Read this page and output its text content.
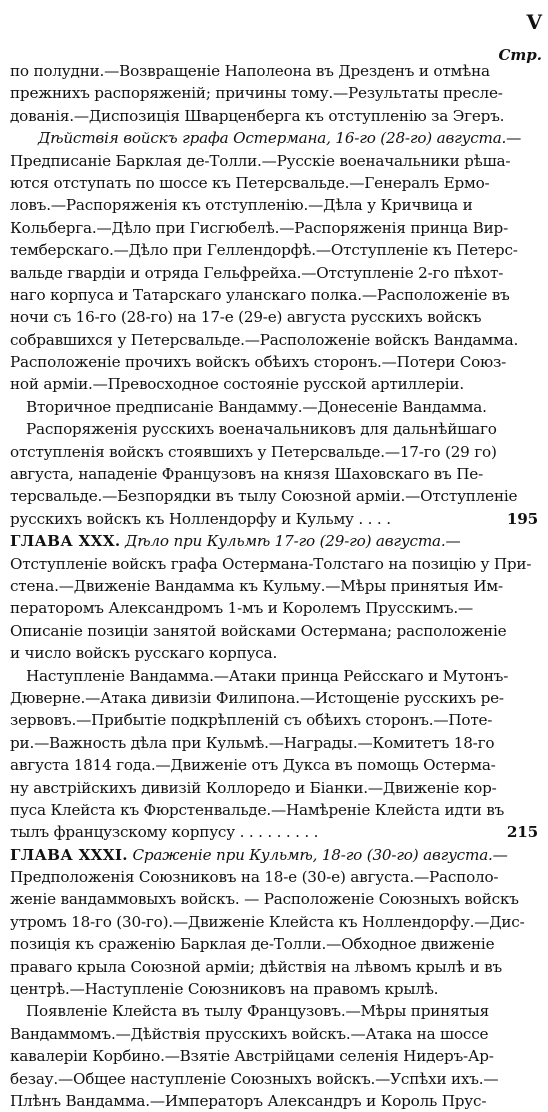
V
Стр.
по полудни.—Возвращеніе Наполеона въ Дрезденъ и отмѣна
прежнихъ распоряженій; причины тому.—Результаты пресле-
дованія.—Диспозиція Шварценберга къ отступленію за Эгеръ.
Дѣйствія войскъ графа Остермана, 16-го (28-го) августа.—
Предписаніе Барклая де-Толли.—Русскіе военачальники рѣша-
ются отступать по шоссе къ Петерсвальде.—Генералъ Ермо-
ловъ.—Распоряженія къ отступленію.—Дѣла у Кричвица и
Кольберга.—Дѣло при Гисгюбелѣ.—Распоряженія принца Вир-
темберскаго.—Дѣло при Геллендорфѣ.—Отступленіе къ Петерс-
вальде гвардіи и отряда Гельфрейха.—Отступленіе 2-го пѣхот-
наго корпуса и Татарскаго уланскаго полка.—Расположеніе въ
ночи съ 16-го (28-го) на 17-е (29-е) августа русскихъ войскъ
собравшихся у Петерсвальде.—Расположеніе войскъ Вандамма.
Расположеніе прочихъ войскъ обѣихъ сторонъ.—Потери Союз-
ной арміи.—Превосходное состояніе русской артиллеріи.
Вторичное предписаніе Вандамму.—Донесеніе Вандамма.
Распоряженія русскихъ военачальниковъ для дальнѣйшаго
отступленія войскъ стоявшихъ у Петерсвальде.—17-го (29 го)
августа, нападеніе Французовъ на князя Шаховскаго въ Пе-
терсвальде.—Безпорядки въ тылу Союзной арміи.—Отступленіе
русскихъ войскъ къ Ноллендорфу и Кульму . . . .	195
ГЛАВА XXX. Дѣло при Кульмѣ 17-го (29-го) августа.—
Отступленіе войскъ графа Остермана-Толстаго на позицію у При-
стена.—Движеніе Вандамма къ Кульму.—Мѣры принятыя Им-
ператоромъ Александромъ 1-мъ и Королемъ Прусскимъ.—
Описаніе позиціи занятой войсками Остермана; расположеніе
и число войскъ русскаго корпуса.
Наступленіе Вандамма.—Атаки принца Рейсскаго и Мутонъ-
Дюверне.—Атака дивизіи Филипона.—Истощеніе русскихъ ре-
зервовъ.—Прибытіе подкрѣпленій съ обѣихъ сторонъ.—Поте-
ри.—Важность дѣла при Кульмѣ.—Награды.—Комитетъ 18-го
августа 1814 года.—Движеніе отъ Дукса въ помощь Остерма-
ну австрійскихъ дивизій Коллоредо и Біанки.—Движеніе кор-
пуса Клейста къ Фюрстенвальде.—Намѣреніе Клейста идти въ
тылъ французскому корпусу . . . . . . . . .	215
ГЛАВА XXXI. Сраженіе при Кульмѣ, 18-го (30-го) августа.—
Предположенія Союзниковъ на 18-е (30-е) августа.—Располо-
женіе вандаммовыхъ войскъ. — Расположеніе Союзныхъ войскъ
утромъ 18-го (30-го).—Движеніе Клейста къ Ноллендорфу.—Дис-
позиція къ сраженію Барклая де-Толли.—Обходное движеніе
праваго крыла Союзной арміи; дѣйствія на лѣвомъ крылѣ и въ
центрѣ.—Наступленіе Союзниковъ на правомъ крылѣ.
Появленіе Клейста въ тылу Французовъ.—Мѣры принятыя
Вандаммомъ.—Дѣйствія прусскихъ войскъ.—Атака на шоссе
кавалеріи Корбино.—Взятіе Австрійцами селенія Нидеръ-Ар-
безау.—Общее наступленіе Союзныхъ войскъ.—Успѣхи ихъ.—
Плѣнъ Вандамма.—Императоръ Александръ и Король Прус-
